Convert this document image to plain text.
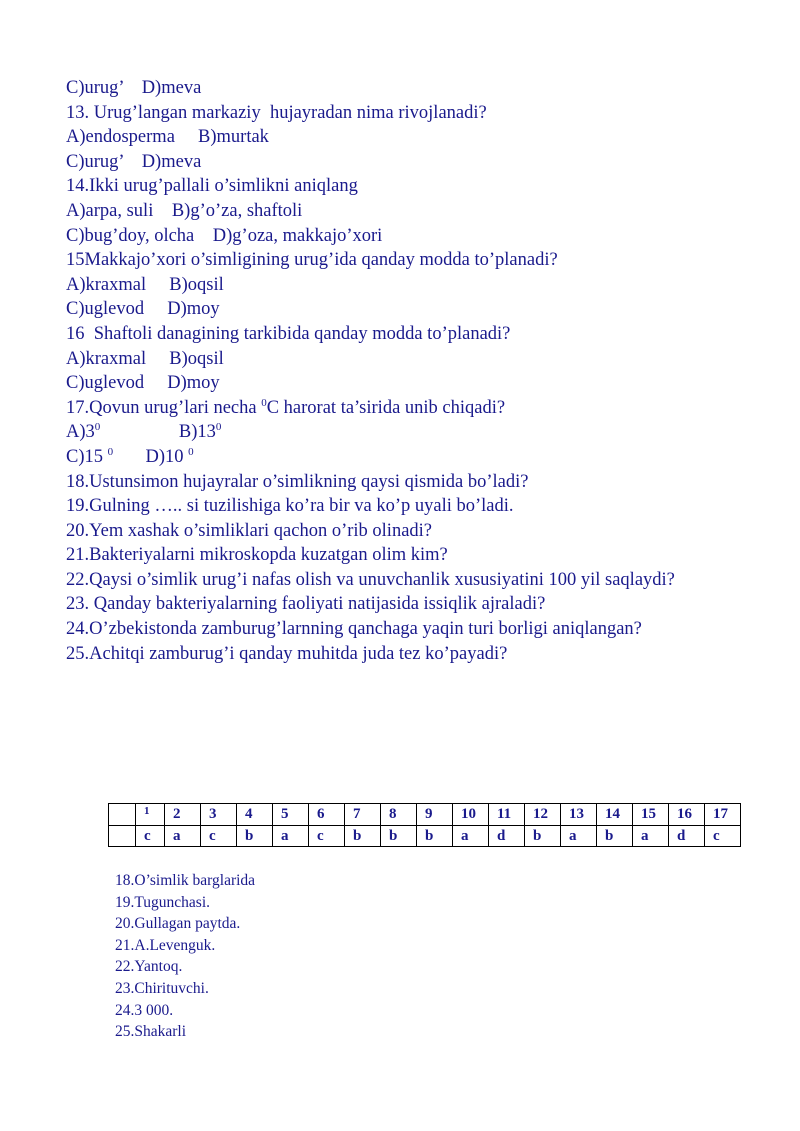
C)urug’    D)meva
13. Urug’langan markaziy  hujayradan nima rivojlanadi?
A)endosperma     B)murtak
C)urug’    D)meva
14.Ikki urug’pallali o’simlikni aniqlang
A)arpa, suli    B)g’o’za, shaftoli
C)bug’doy, olcha    D)g’oza, makkajo’xori
15Makkajo’xori o’simligining urug’ida qanday modda to’planadi?
A)kraxmal     B)oqsil
C)uglevod     D)moy
16  Shaftoli danagining tarkibida qanday modda to’planadi?
A)kraxmal     B)oqsil
C)uglevod     D)moy
17.Qovun urug’lari necha $^0$C harorat ta’sirida unib chiqadi?
$A)3^0$                 $B)13^0$
C)15 $^0$       D)10 $^0$
18.Ustunsimon hujayralar o’simlikning qaysi qismida bo’ladi?
19.Gulning ….. si tuzilishiga ko’ra bir va ko’p uyali bo’ladi.
20.Yem xashak o’simliklari qachon o’rib olinadi?
21.Bakteriyalarni mikroskopda kuzatgan olim kim?
22.Qaysi o’simlik urug’i nafas olish va unuvchanlik xususiyatini 100 yil saqlaydi?
23. Qanday bakteriyalarning faoliyati natijasida issiqlik ajraladi?
24.O’zbekistonda zamburug’larnning qanchaga yaqin turi borligi aniqlangan?
25.Achitqi zamburug’i qanday muhitda juda tez ko’payadi?
	1	2	3	4	5	6	7	8	9	10	11	12	13	14	15	16	17
	c	a	c	b	a	c	b	b	b	a	d	b	a	b	a	d	c
18.O’simlik barglarida
19.Tugunchasi.
20.Gullagan paytda.
21.A.Levenguk.
22.Yantoq.
23.Chirituvchi.
24.3 000.
25.Shakarli
